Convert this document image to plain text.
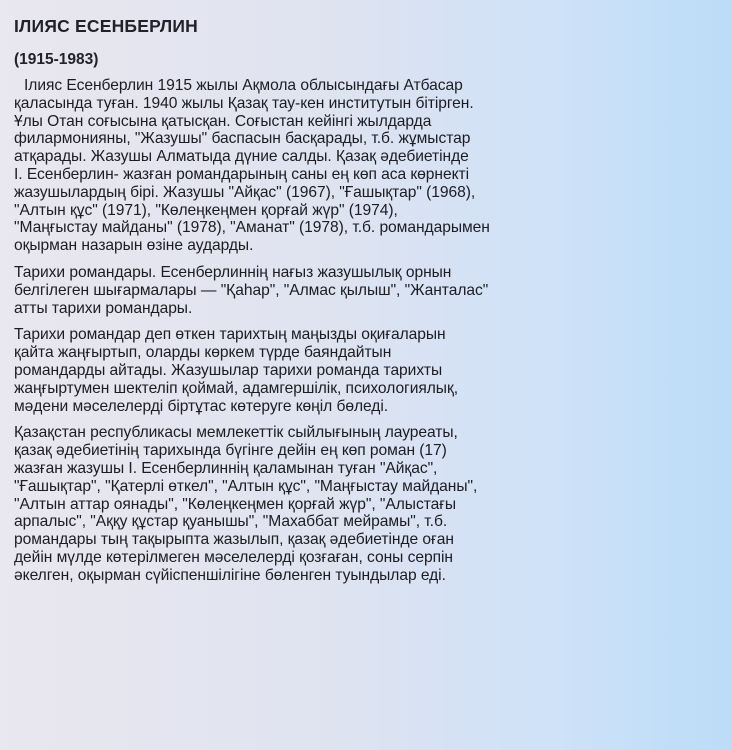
ІЛИЯС ЕСЕНБЕРЛИН
(1915-1983)
Ілияс Есенберлин 1915 жылы Ақмола облысындағы Атбасар
қаласында туған. 1940 жылы Қазақ тау-кен институтын бітірген.
Ұлы Отан соғысына қатысқан. Соғыстан кейінгі жылдарда
филармонияны, "Жазушы" баспасын басқарады, т.б. жұмыстар
атқарады. Жазушы Алматыда дүние салды. Қазақ әдебиетінде
І. Есенберлин- жазған романдарының саны ең көп аса көрнекті
жазушылардың бірі. Жазушы "Айқас" (1967), "Ғашықтар" (1968),
"Алтын құс" (1971), "Көлеңкеңмен қорғай жүр" (1974),
"Маңғыстау майданы" (1978), "Аманат" (1978), т.б. романдарымен
оқырман назарын өзіне аударды.
Тарихи романдары. Есенберлиннің нағыз жазушылық орнын
белгілеген шығармалары — "Қаһар", "Алмас қылыш", "Жанталас"
атты тарихи романдары.
Тарихи романдар деп өткен тарихтың маңызды оқиғаларын
қайта жаңғыртып, оларды көркем түрде баяндайтын
романдарды айтады. Жазушылар тарихи романда тарихты
жаңғыртумен шектеліп қоймай, адамгершілік, психологиялық,
мәдени мәселелерді біртұтас көтеруге көңіл бөледі.
Қазақстан республикасы мемлекеттік сыйлығының лауреаты,
қазақ әдебиетінің тарихында бүгінге дейін ең көп роман (17)
жазған жазушы І. Есенберлиннің қаламынан туған "Айқас",
"Ғашықтар", "Қатерлі өткел", "Алтын құс", "Маңғыстау майданы",
"Алтын аттар оянады", "Көлеңкеңмен қорғай жүр", "Алыстағы
арпалыс", "Аққу құстар қуанышы", "Махаббат мейрамы", т.б.
романдары тың тақырыпта жазылып, қазақ әдебиетінде оған
дейін мүлде көтерілмеген мәселелерді қозғаған, соны серпін
әкелген, оқырман сүйіспеншілігіне бөленген туындылар еді.
